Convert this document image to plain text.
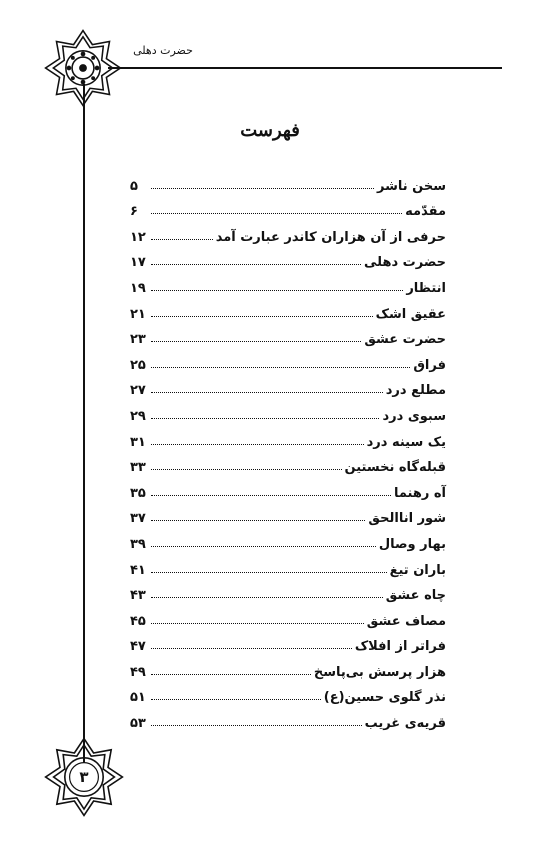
حضرت دهلی
۳
فهرست
سخن ناشر
۵
مقدّمه
۶
حرفی از آن هزاران کاندر عبارت آمد
۱۲
حضرت دهلی
۱۷
انتظار
۱۹
عقیق اشک
۲۱
حضرت عشق
۲۳
فراق
۲۵
مطلع درد
۲۷
سبوی درد
۲۹
یک سینه درد
۳۱
قبله‌گاه نخستین
۳۳
آه رهنما
۳۵
شور اناالحق
۳۷
بهار وصال
۳۹
باران تیغ
۴۱
چاه عشق
۴۳
مصاف عشق
۴۵
فراتر از افلاک
۴۷
هزار پرسش بی‌پاسخ
۴۹
نذر گلوی حسین(ع)
۵۱
قریه‌ی غریب
۵۳
